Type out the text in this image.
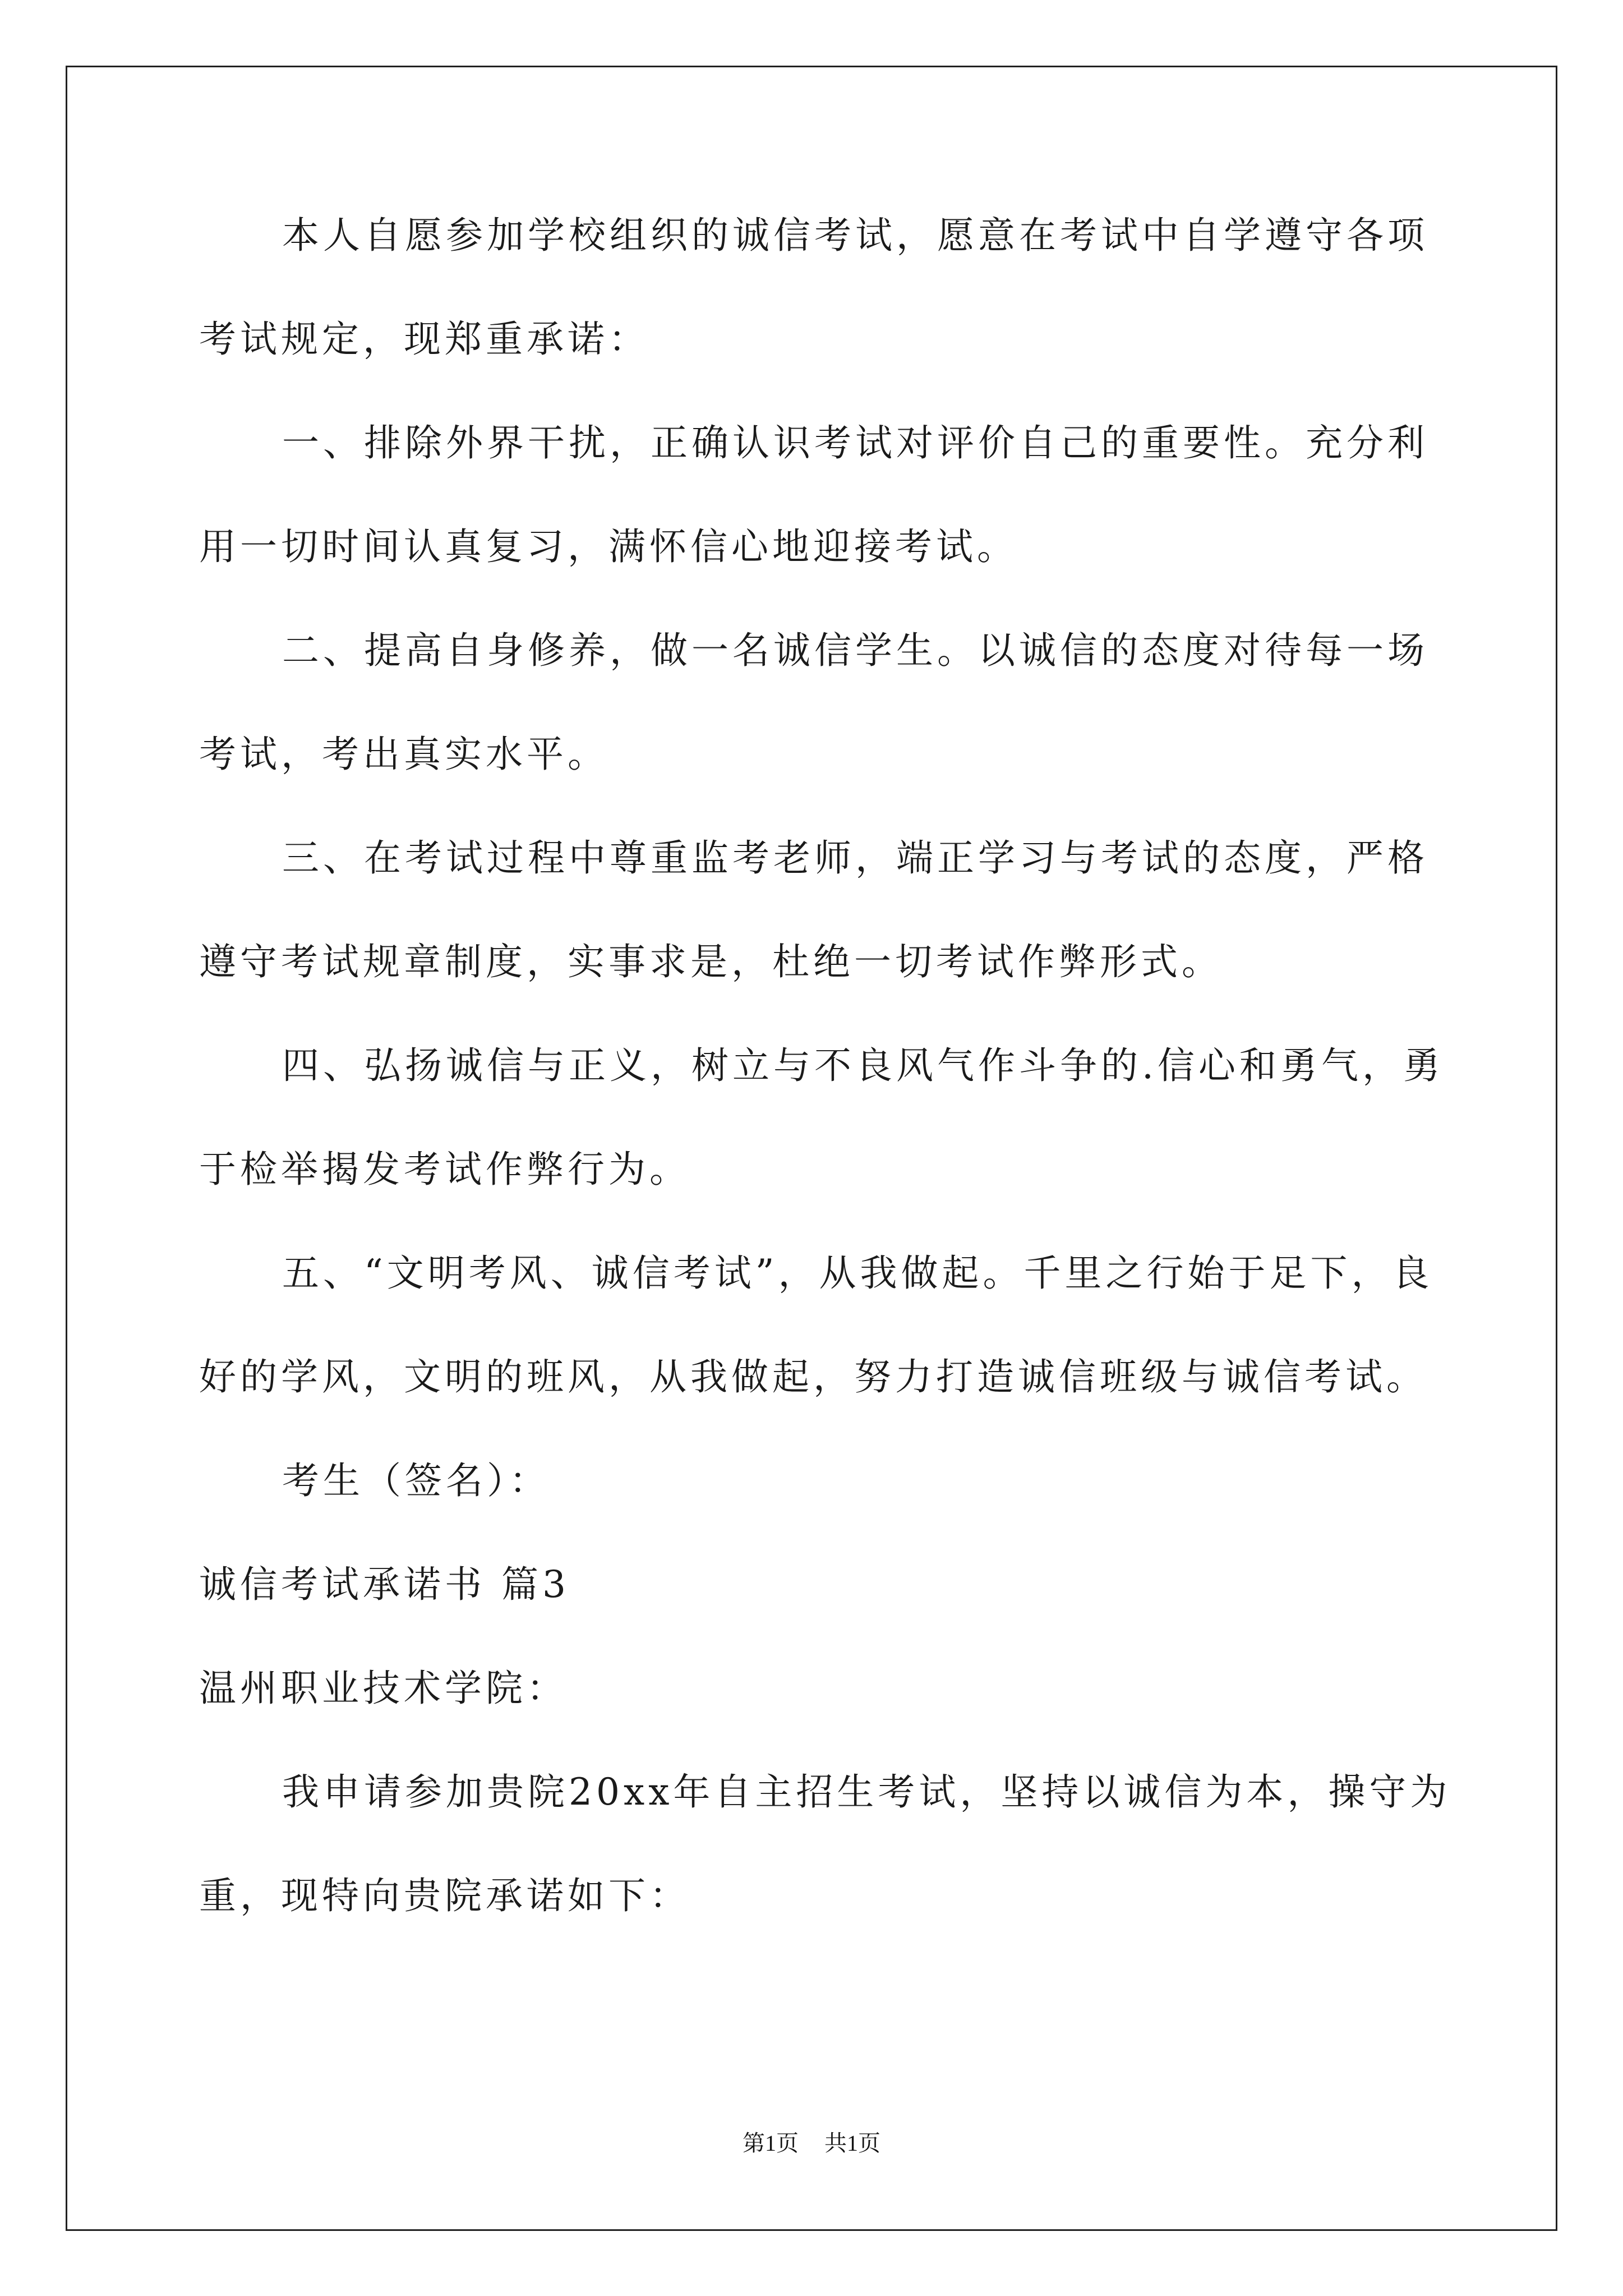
本人自愿参加学校组织的诚信考试，愿意在考试中自学遵守各项
考试规定，现郑重承诺：
一、排除外界干扰，正确认识考试对评价自己的重要性。充分利
用一切时间认真复习，满怀信心地迎接考试。
二、提高自身修养，做一名诚信学生。以诚信的态度对待每一场
考试，考出真实水平。
三、在考试过程中尊重监考老师，端正学习与考试的态度，严格
遵守考试规章制度，实事求是，杜绝一切考试作弊形式。
四、弘扬诚信与正义，树立与不良风气作斗争的.信心和勇气，勇
于检举揭发考试作弊行为。
五、“文明考风、诚信考试”，从我做起。千里之行始于足下，良
好的学风，文明的班风，从我做起，努力打造诚信班级与诚信考试。
考生（签名）：
诚信考试承诺书 篇3
温州职业技术学院：
我申请参加贵院20xx年自主招生考试，坚持以诚信为本，操守为
重，现特向贵院承诺如下：
第1页 共1页
